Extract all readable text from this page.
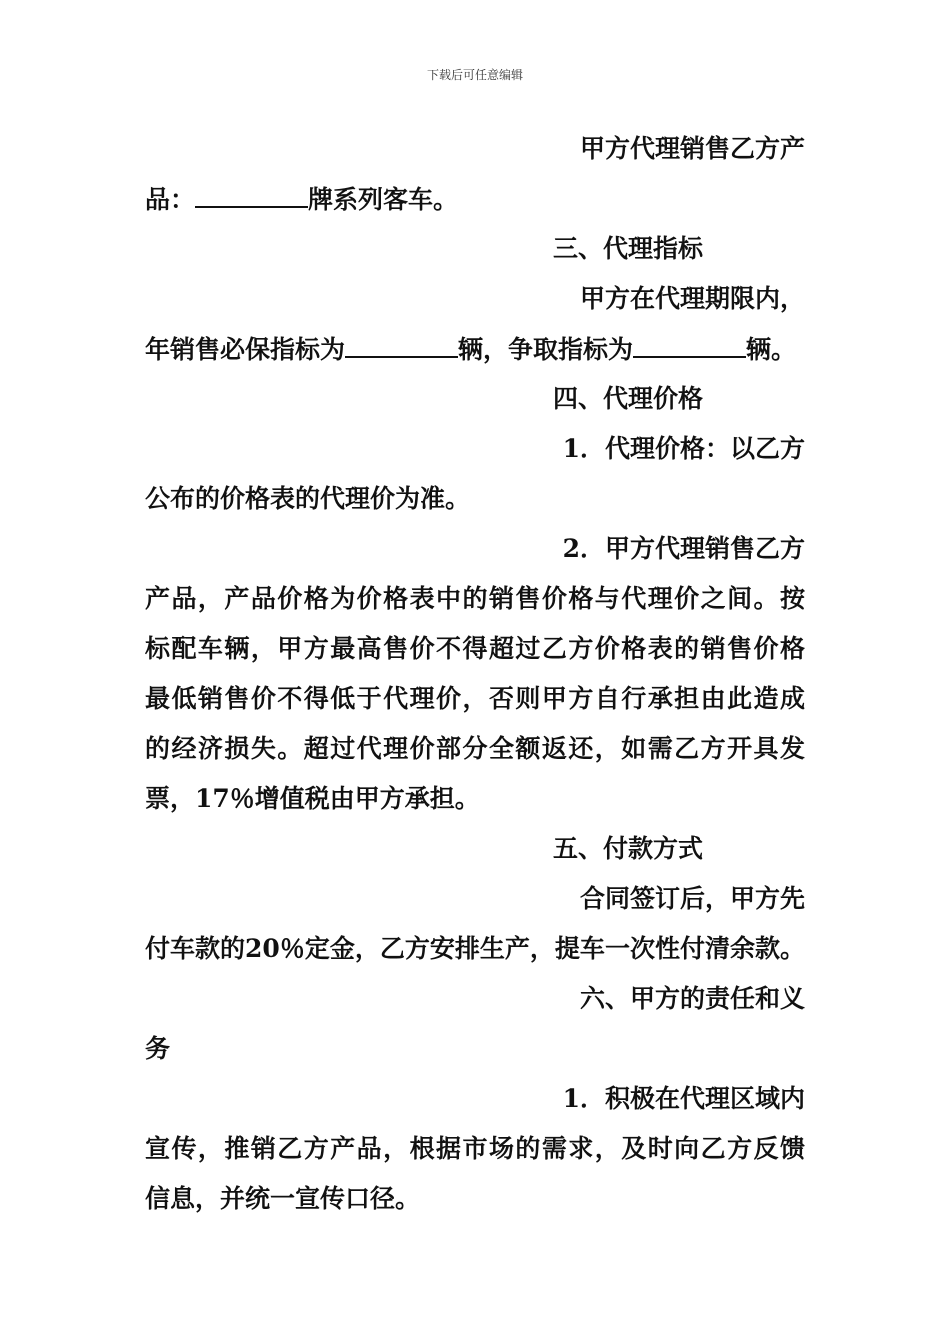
下载后可任意编辑
甲方代理销售乙方产
品：	牌系列客车。
三、代理指标
甲方在代理期限内，
年销售必保指标为	辆，争取指标为	辆。
四、代理价格
1．代理价格：以乙方
公布的价格表的代理价为准。
2．甲方代理销售乙方
产品，产品价格为价格表中的销售价格与代理价之间。按
标配车辆，甲方最高售价不得超过乙方价格表的销售价格
最低销售价不得低于代理价，否则甲方自行承担由此造成
的经济损失。超过代理价部分全额返还，如需乙方开具发
票，17％增值税由甲方承担。
五、付款方式
合同签订后，甲方先
付车款的20％定金，乙方安排生产，提车一次性付清余款。
六、甲方的责任和义
务
1．积极在代理区域内
宣传，推销乙方产品，根据市场的需求，及时向乙方反馈
信息，并统一宣传口径。
